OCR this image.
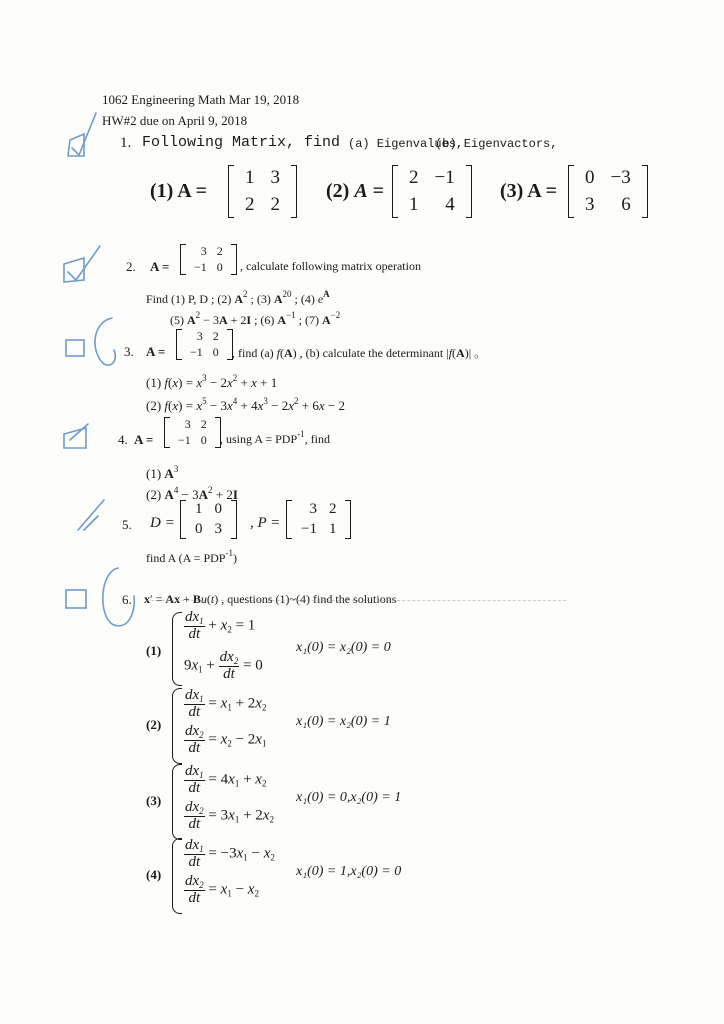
1062 Engineering Math Mar 19, 2018
HW#2 due on April 9, 2018
1. Following Matrix, find (a) Eigenvalues,
(b) Eigenvactors,
(1) A =
1	3
2	2
(2) A =
2	−1
1	4
(3) A =
0	−3
3	6
2. A =
3	2
−1	0 , calculate following matrix operation
Find (1) P, D ; (2) $A^2$ ; (3) $A^{20}$ ; (4) $e^A$
(5) $A^2 - 3A + 2I$ ; (6) $A^{-1}$ ; (7) $A^{-2}$
3. A =
3	2
−1	0 , find (a) f(A) , (b) calculate the determinant |f(A)| 。
(1) $f(x) = x^3 - 2x^2 + x + 1$
(2) $f(x) = x^5 - 3x^4 + 4x^3 - 2x^2 + 6x - 2$
4. A =
3	2
−1	0 , using $A = PDP^{-1}$, find
(1) $A^3$
(2) $A^4 - 3A^2 + 2I$
5. D =
1	0
0	3 , P =
3	2
−1	1
find A $(A = PDP^{-1})$
6. x′ = Ax + Bu(t) , questions (1)~(4) find the solutions
(1)
$\frac{dx_1}{dt} + x_2 = 1$
$9x_1 + \frac{dx_2}{dt} = 0$
x₁(0) = x₂(0) = 0
(2)
$\frac{dx_1}{dt} = x_1 + 2x_2$
$\frac{dx_2}{dt} = x_2 - 2x_1$
x₁(0) = x₂(0) = 1
(3)
$\frac{dx_1}{dt} = 4x_1 + x_2$
$\frac{dx_2}{dt} = 3x_1 + 2x_2$
x₁(0) = 0,x₂(0) = 1
(4)
$\frac{dx_1}{dt} = -3x_1 - x_2$
$\frac{dx_2}{dt} = x_1 - x_2$
x₁(0) = 1,x₂(0) = 0
